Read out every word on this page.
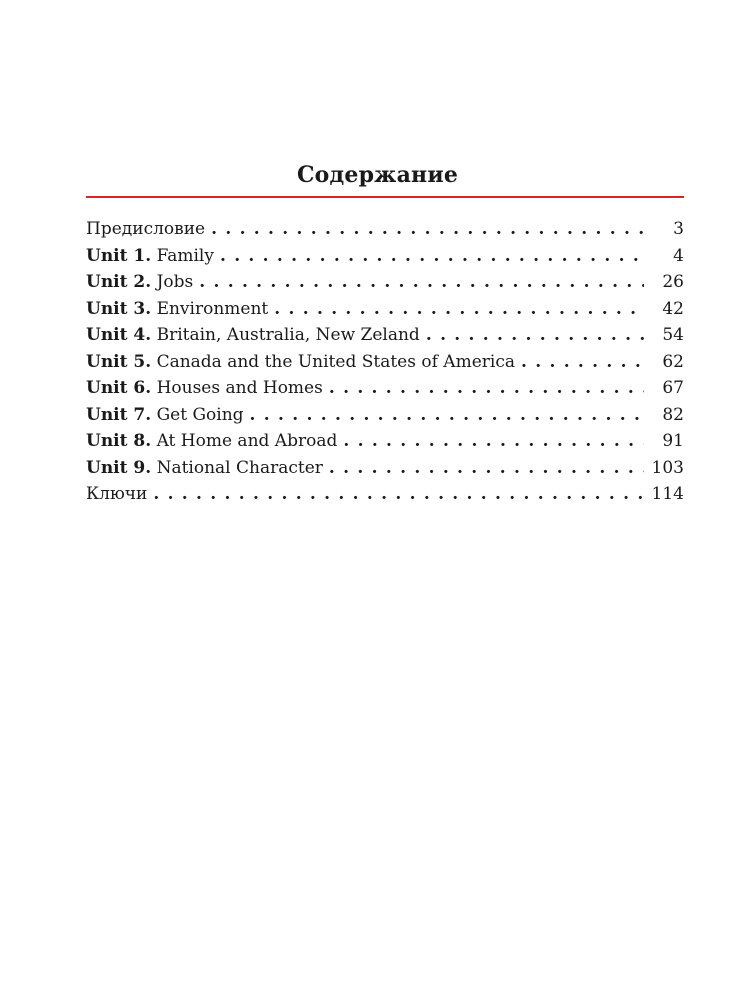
Содержание
Предисловие . . .	3
Unit 1. Family . . .	4
Unit 2. Jobs . . .	26
Unit 3. Environment . . .	42
Unit 4. Britain, Australia, New Zeland . . .	54
Unit 5. Canada and the United States of America . . .	62
Unit 6. Houses and Homes . . .	67
Unit 7. Get Going . . .	82
Unit 8. At Home and Abroad . . .	91
Unit 9. National Character . . .	103
Ключи . . .	114
